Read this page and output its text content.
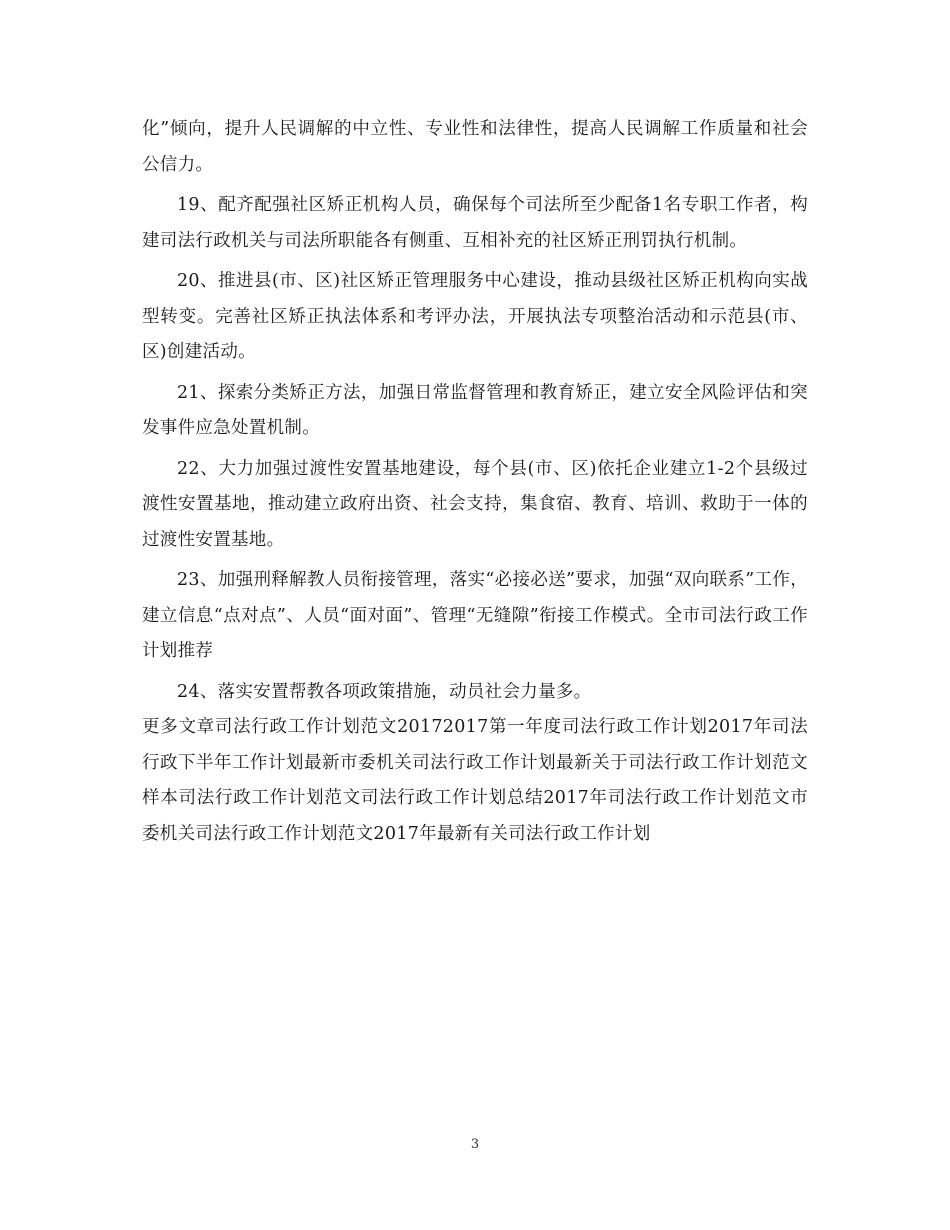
化”倾向，提升人民调解的中立性、专业性和法律性，提高人民调解工作质量和社会公信力。

19、配齐配强社区矫正机构人员，确保每个司法所至少配备1名专职工作者，构建司法行政机关与司法所职能各有侧重、互相补充的社区矫正刑罚执行机制。

20、推进县(市、区)社区矫正管理服务中心建设，推动县级社区矫正机构向实战型转变。完善社区矫正执法体系和考评办法，开展执法专项整治活动和示范县(市、区)创建活动。

21、探索分类矫正方法，加强日常监督管理和教育矫正，建立安全风险评估和突发事件应急处置机制。

22、大力加强过渡性安置基地建设，每个县(市、区)依托企业建立1-2个县级过渡性安置基地，推动建立政府出资、社会支持，集食宿、教育、培训、救助于一体的过渡性安置基地。

23、加强刑释解教人员衔接管理，落实“必接必送”要求，加强“双向联系”工作，建立信息“点对点”、人员“面对面”、管理“无缝隙”衔接工作模式。全市司法行政工作计划推荐

24、落实安置帮教各项政策措施，动员社会力量多。

更多文章司法行政工作计划范文20172017第一年度司法行政工作计划2017年司法行政下半年工作计划最新市委机关司法行政工作计划最新关于司法行政工作计划范文样本司法行政工作计划范文司法行政工作计划总结2017年司法行政工作计划范文市委机关司法行政工作计划范文2017年最新有关司法行政工作计划

3
